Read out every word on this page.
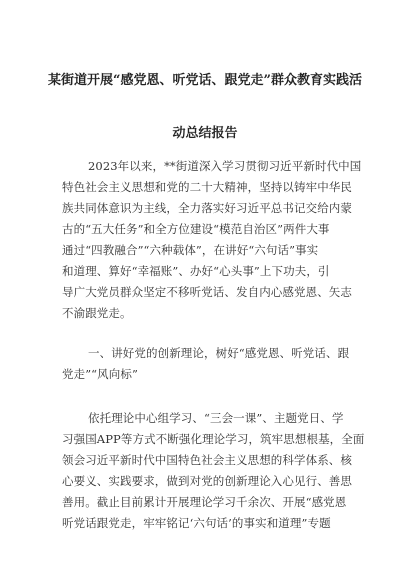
某街道开展“感党恩、听党话、跟党走”群众教育实践活
动总结报告
2023年以来，**街道深入学习贯彻习近平新时代中国
特色社会主义思想和党的二十大精神，坚持以铸牢中华民
族共同体意识为主线，全力落实好习近平总书记交给内蒙
古的“五大任务”和全方位建设“模范自治区”两件大事
通过“四教融合”“六种载体”，在讲好“六句话”事实
和道理、算好“幸福账”、办好“心头事”上下功夫，引
导广大党员群众坚定不移听党话、发自内心感党恩、矢志
不渝跟党走。
一、讲好党的创新理论，树好“感党恩、听党话、跟
党走”“风向标”
依托理论中心组学习、“三会一课”、主题党日、学
习强国APP等方式不断强化理论学习，筑牢思想根基，全面
领会习近平新时代中国特色社会主义思想的科学体系、核
心要义、实践要求，做到对党的创新理论入心见行、善思
善用。截止目前累计开展理论学习千余次、开展“感党恩
听党话跟党走，牢牢铭记‘六句话’的事实和道理”专题
